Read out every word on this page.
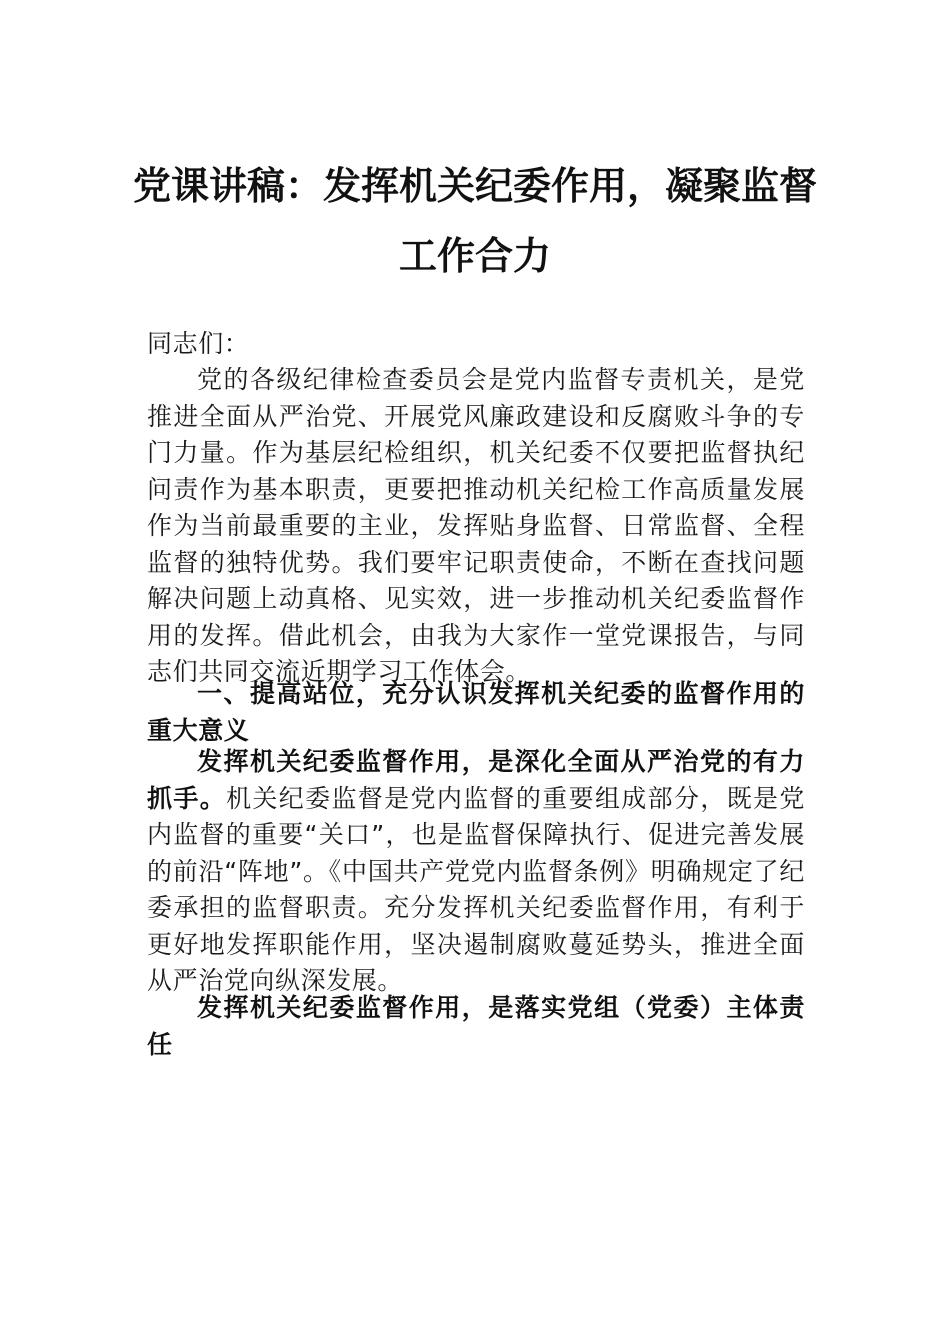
党课讲稿：发挥机关纪委作用，凝聚监督
工作合力

同志们：

党的各级纪律检查委员会是党内监督专责机关，是党推进全面从严治党、开展党风廉政建设和反腐败斗争的专门力量。作为基层纪检组织，机关纪委不仅要把监督执纪问责作为基本职责，更要把推动机关纪检工作高质量发展作为当前最重要的主业，发挥贴身监督、日常监督、全程监督的独特优势。我们要牢记职责使命，不断在查找问题解决问题上动真格、见实效，进一步推动机关纪委监督作用的发挥。借此机会，由我为大家作一堂党课报告，与同志们共同交流近期学习工作体会。

一、提高站位，充分认识发挥机关纪委的监督作用的重大意义

发挥机关纪委监督作用，是深化全面从严治党的有力抓手。机关纪委监督是党内监督的重要组成部分，既是党内监督的重要“关口”，也是监督保障执行、促进完善发展的前沿“阵地”。《中国共产党党内监督条例》明确规定了纪委承担的监督职责。充分发挥机关纪委监督作用，有利于更好地发挥职能作用，坚决遏制腐败蔓延势头，推进全面从严治党向纵深发展。

发挥机关纪委监督作用，是落实党组（党委）主体责任
